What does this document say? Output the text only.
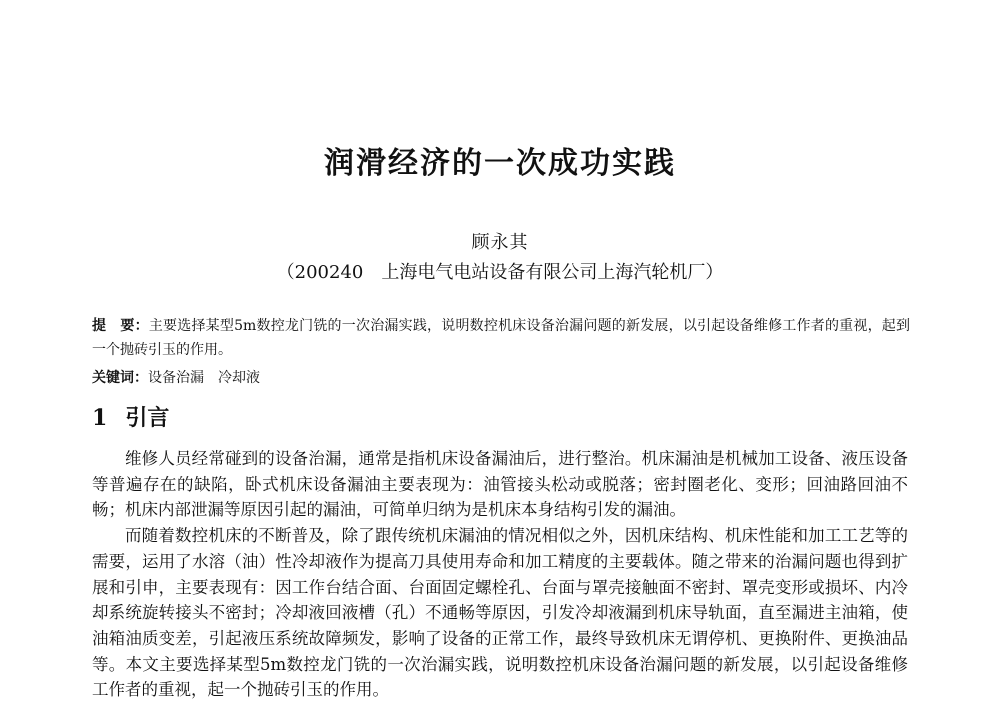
润滑经济的一次成功实践
顾永其
（200240 上海电气电站设备有限公司上海汽轮机厂）
提　要：主要选择某型5m数控龙门铣的一次治漏实践，说明数控机床设备治漏问题的新发展，以引起设备维修工作者的重视，起到一个抛砖引玉的作用。
关键词：设备治漏 冷却液
1 引言

维修人员经常碰到的设备治漏，通常是指机床设备漏油后，进行整治。机床漏油是机械加工设备、液压设备等普遍存在的缺陷，卧式机床设备漏油主要表现为：油管接头松动或脱落；密封圈老化、变形；回油路回油不畅；机床内部泄漏等原因引起的漏油，可简单归纳为是机床本身结构引发的漏油。

而随着数控机床的不断普及，除了跟传统机床漏油的情况相似之外，因机床结构、机床性能和加工工艺等的需要，运用了水溶（油）性冷却液作为提高刀具使用寿命和加工精度的主要载体。随之带来的治漏问题也得到扩展和引申，主要表现有：因工作台结合面、台面固定螺栓孔、台面与罩壳接触面不密封、罩壳变形或损坏、内冷却系统旋转接头不密封；冷却液回液槽（孔）不通畅等原因，引发冷却液漏到机床导轨面，直至漏进主油箱，使油箱油质变差，引起液压系统故障频发，影响了设备的正常工作，最终导致机床无谓停机、更换附件、更换油品等。本文主要选择某型5m数控龙门铣的一次治漏实践，说明数控机床设备治漏问题的新发展，以引起设备维修工作者的重视，起一个抛砖引玉的作用。
